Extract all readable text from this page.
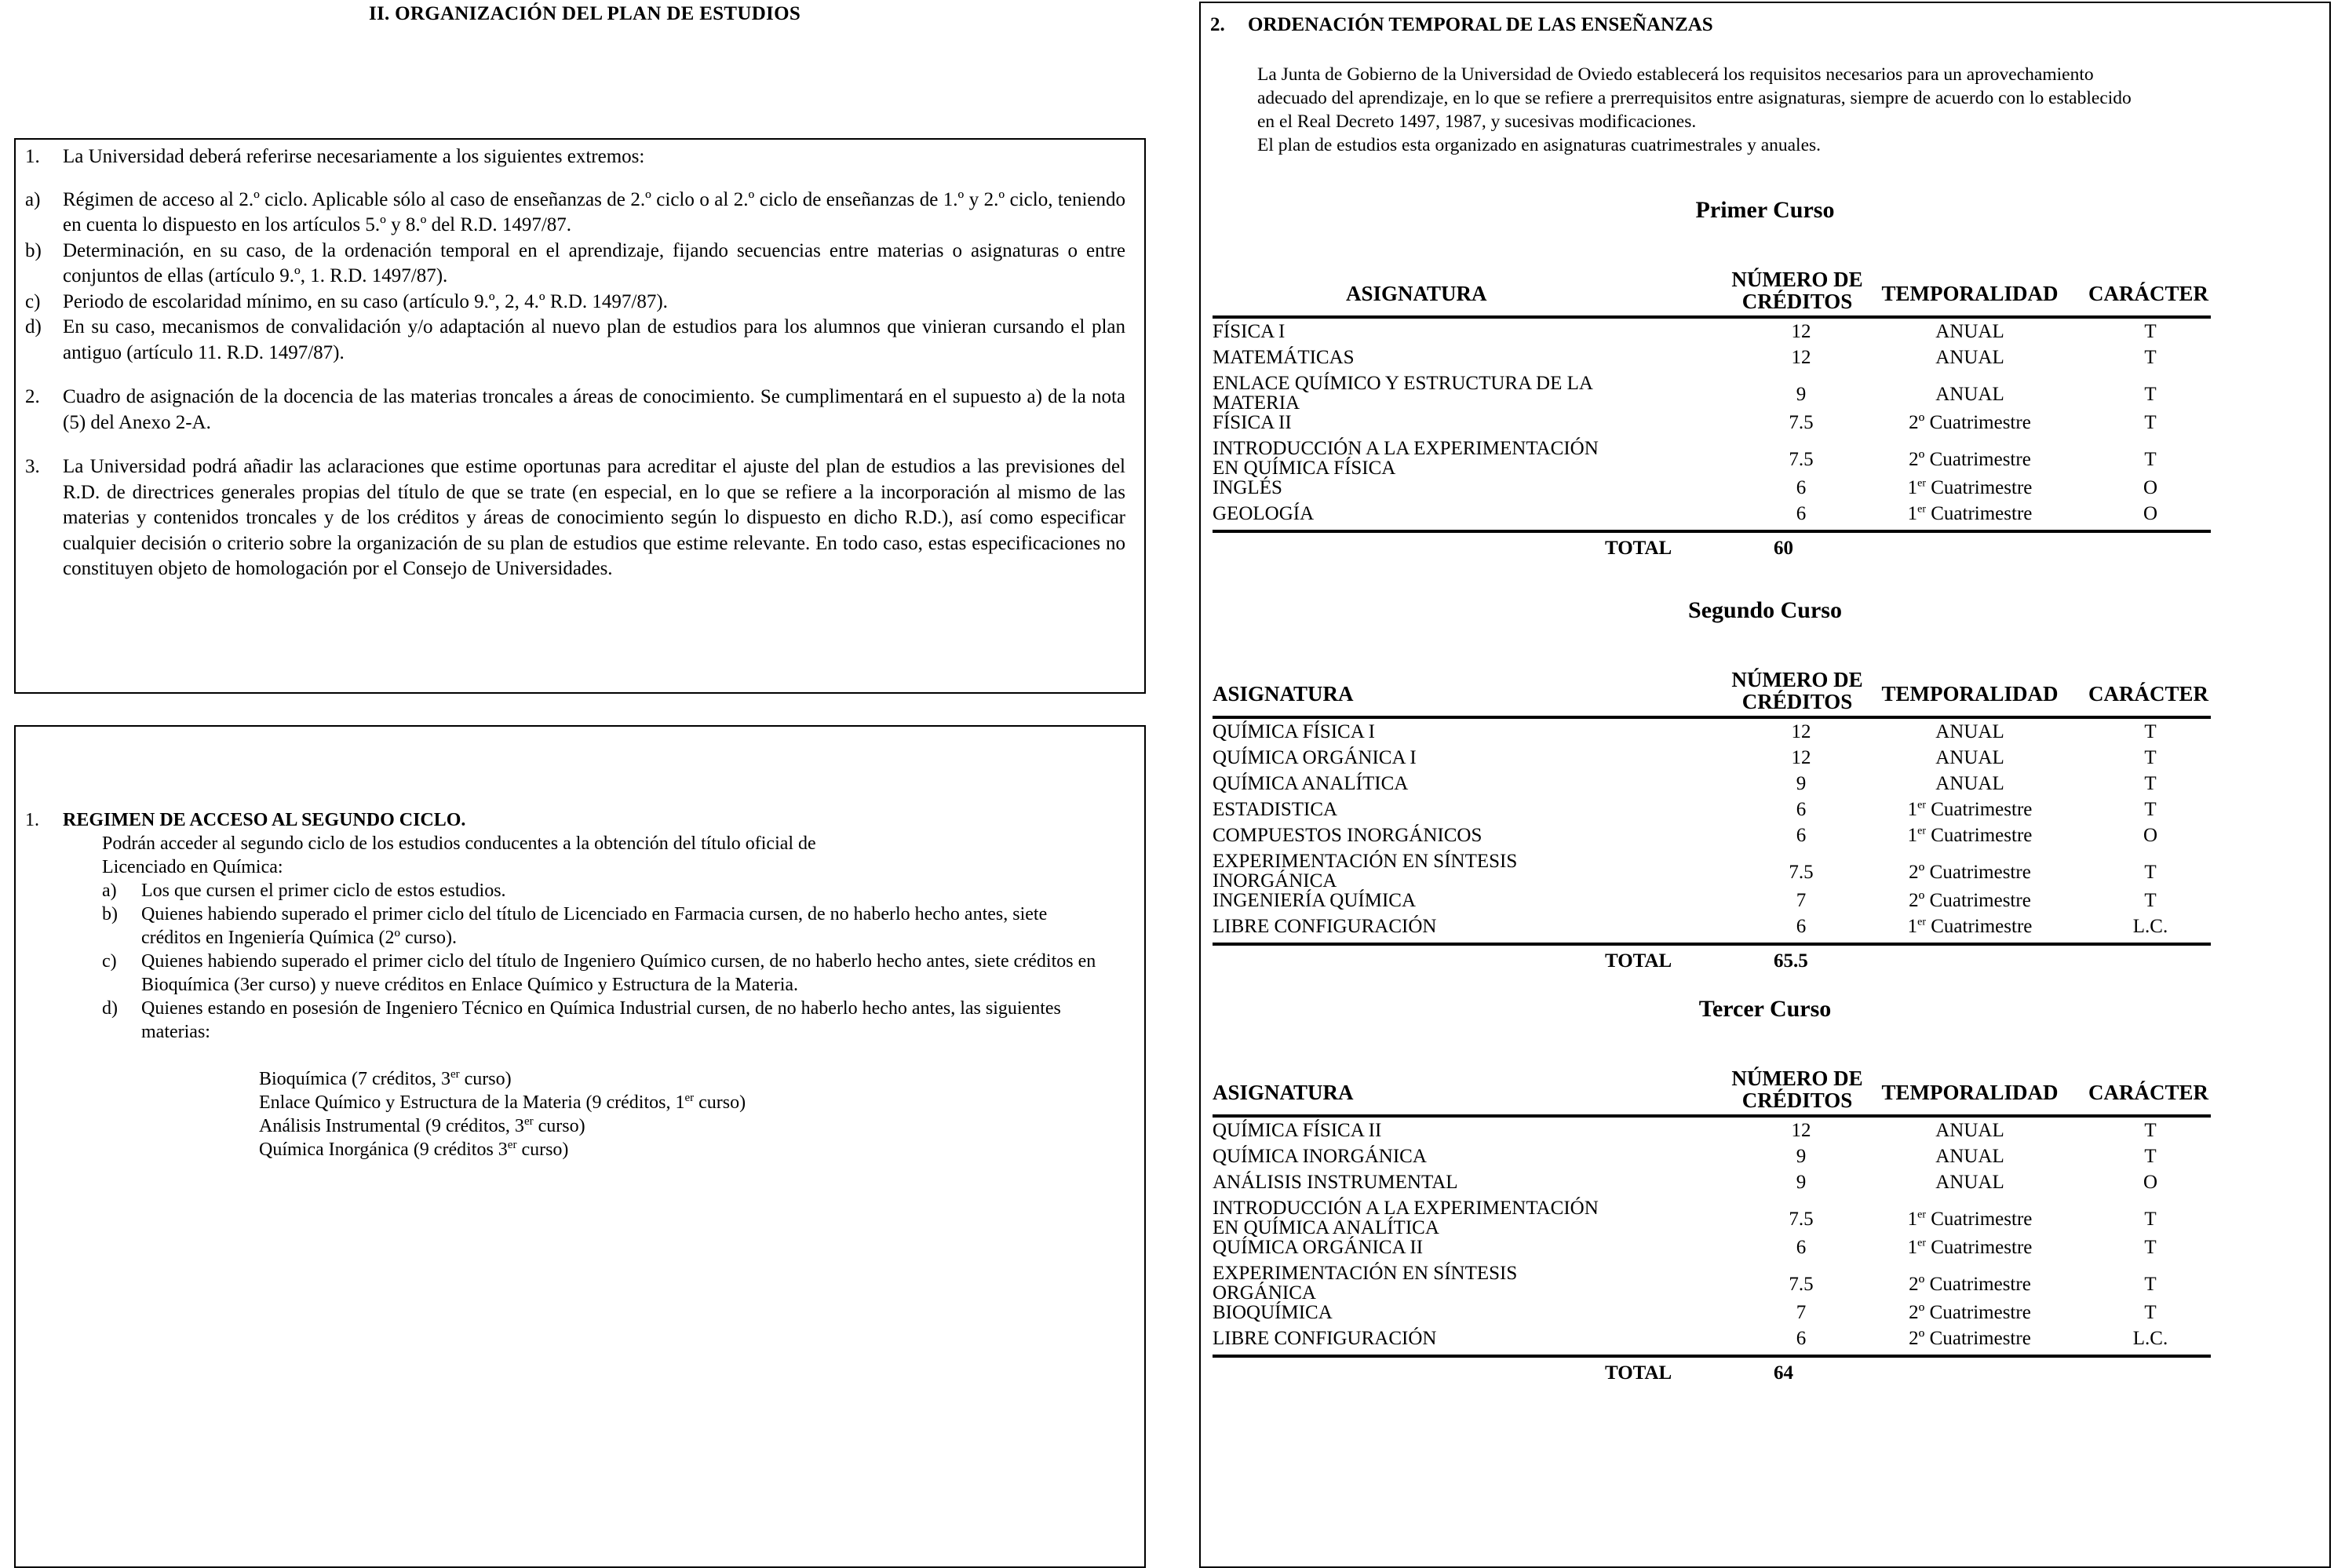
II. ORGANIZACIÓN DEL PLAN DE ESTUDIOS
1. La Universidad deberá referirse necesariamente a los siguientes extremos:
a) Régimen de acceso al 2.º ciclo. Aplicable sólo al caso de enseñanzas de 2.º ciclo o al 2.º ciclo de enseñanzas de 1.º y 2.º ciclo, teniendo en cuenta lo dispuesto en los artículos 5.º y 8.º del R.D. 1497/87.
b) Determinación, en su caso, de la ordenación temporal en el aprendizaje, fijando secuencias entre materias o asignaturas o entre conjuntos de ellas (artículo 9.º, 1. R.D. 1497/87).
c) Periodo de escolaridad mínimo, en su caso (artículo 9.º, 2, 4.º R.D. 1497/87).
d) En su caso, mecanismos de convalidación y/o adaptación al nuevo plan de estudios para los alumnos que vinieran cursando el plan antiguo (artículo 11. R.D. 1497/87).
2. Cuadro de asignación de la docencia de las materias troncales a áreas de conocimiento. Se cumplimentará en el supuesto a) de la nota (5) del Anexo 2-A.
3. La Universidad podrá añadir las aclaraciones que estime oportunas para acreditar el ajuste del plan de estudios a las previsiones del R.D. de directrices generales propias del título de que se trate (en especial, en lo que se refiere a la incorporación al mismo de las materias y contenidos troncales y de los créditos y áreas de conocimiento según lo dispuesto en dicho R.D.), así como especificar cualquier decisión o criterio sobre la organización de su plan de estudios que estime relevante. En todo caso, estas especificaciones no constituyen objeto de homologación por el Consejo de Universidades.
1. REGIMEN DE ACCESO AL SEGUNDO CICLO.
Podrán acceder al segundo ciclo de los estudios conducentes a la obtención del título oficial de
Licenciado en Química:
a) Los que cursen el primer ciclo de estos estudios.
b) Quienes habiendo superado el primer ciclo del título de Licenciado en Farmacia cursen, de no haberlo hecho antes, siete créditos en Ingeniería Química (2º curso).
c) Quienes habiendo superado el primer ciclo del título de Ingeniero Químico cursen, de no haberlo hecho antes, siete créditos en Bioquímica (3er curso) y nueve créditos en Enlace Químico y Estructura de la Materia.
d) Quienes estando en posesión de Ingeniero Técnico en Química Industrial cursen, de no haberlo hecho antes, las siguientes materias:
Bioquímica (7 créditos, 3er curso)
Enlace Químico y Estructura de la Materia (9 créditos, 1er curso)
Análisis Instrumental (9 créditos, 3er curso)
Química Inorgánica (9 créditos 3er curso)
2. ORDENACIÓN TEMPORAL DE LAS ENSEÑANZAS
La Junta de Gobierno de la Universidad de Oviedo establecerá los requisitos necesarios para un aprovechamiento
adecuado del aprendizaje, en lo que se refiere a prerrequisitos entre asignaturas, siempre de acuerdo con lo establecido
en el Real Decreto 1497, 1987, y sucesivas modificaciones.
El plan de estudios esta organizado en asignaturas cuatrimestrales y anuales.
Primer Curso
ASIGNATURA
NÚMERO DE
CRÉDITOS	TEMPORALIDAD	CARÁCTER
FÍSICA I	12	ANUAL	T
MATEMÁTICAS	12	ANUAL	T
ENLACE QUÍMICO Y ESTRUCTURA DE LA
MATERIA	9	ANUAL	T
FÍSICA II	7.5	2º Cuatrimestre	T
INTRODUCCIÓN A LA EXPERIMENTACIÓN
EN QUÍMICA FÍSICA	7.5	2º Cuatrimestre	T
INGLÉS	6	1er Cuatrimestre	O
GEOLOGÍA	6	1er Cuatrimestre	O
TOTAL	60
Segundo Curso
ASIGNATURA
NÚMERO DE
CRÉDITOS	TEMPORALIDAD	CARÁCTER
QUÍMICA FÍSICA I	12	ANUAL	T
QUÍMICA ORGÁNICA I	12	ANUAL	T
QUÍMICA ANALÍTICA	9	ANUAL	T
ESTADISTICA	6	1er Cuatrimestre	T
COMPUESTOS INORGÁNICOS	6	1er Cuatrimestre	O
EXPERIMENTACIÓN EN SÍNTESIS
INORGÁNICA	7.5	2º Cuatrimestre	T
INGENIERÍA QUÍMICA	7	2º Cuatrimestre	T
LIBRE CONFIGURACIÓN	6	1er Cuatrimestre	L.C.
TOTAL	65.5
Tercer Curso
ASIGNATURA
NÚMERO DE
CRÉDITOS	TEMPORALIDAD	CARÁCTER
QUÍMICA FÍSICA II	12	ANUAL	T
QUÍMICA INORGÁNICA	9	ANUAL	T
ANÁLISIS INSTRUMENTAL	9	ANUAL	O
INTRODUCCIÓN A LA EXPERIMENTACIÓN
EN QUÍMICA ANALÍTICA	7.5	1er Cuatrimestre	T
QUÍMICA ORGÁNICA II	6	1er Cuatrimestre	T
EXPERIMENTACIÓN EN SÍNTESIS
ORGÁNICA	7.5	2º Cuatrimestre	T
BIOQUÍMICA	7	2º Cuatrimestre	T
LIBRE CONFIGURACIÓN	6	2º Cuatrimestre	L.C.
TOTAL	64
